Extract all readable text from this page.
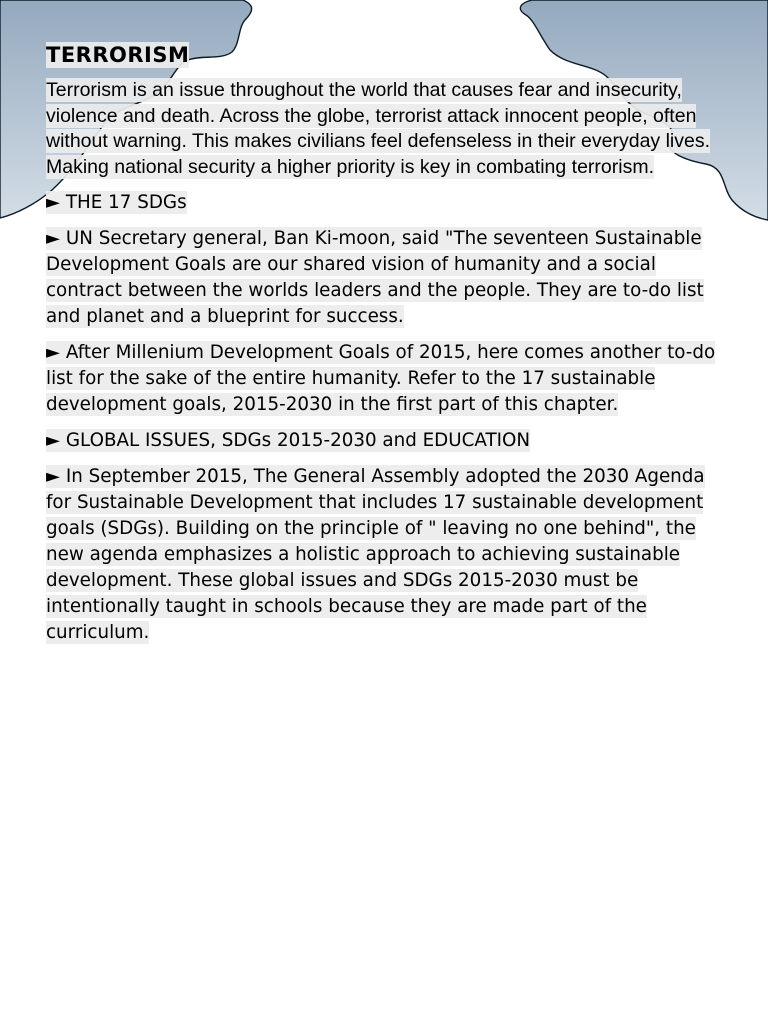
TERRORISM

Terrorism is an issue throughout the world that causes fear and insecurity, violence and death. Across the globe, terrorist attack innocent people, often without warning. This makes civilians feel defenseless in their everyday lives. Making national security a higher priority is key in combating terrorism.

► THE 17 SDGs

► UN Secretary general, Ban Ki-moon, said "The seventeen Sustainable Development Goals are our shared vision of humanity and a social contract between the worlds leaders and the people. They are to-do list and planet and a blueprint for success.

► After Millenium Development Goals of 2015, here comes another to-do list for the sake of the entire humanity. Refer to the 17 sustainable development goals, 2015-2030 in the first part of this chapter.

► GLOBAL ISSUES, SDGs 2015-2030 and EDUCATION

► In September 2015, The General Assembly adopted the 2030 Agenda for Sustainable Development that includes 17 sustainable development goals (SDGs). Building on the principle of " leaving no one behind", the new agenda emphasizes a holistic approach to achieving sustainable development. These global issues and SDGs 2015-2030 must be intentionally taught in schools because they are made part of the curriculum.
